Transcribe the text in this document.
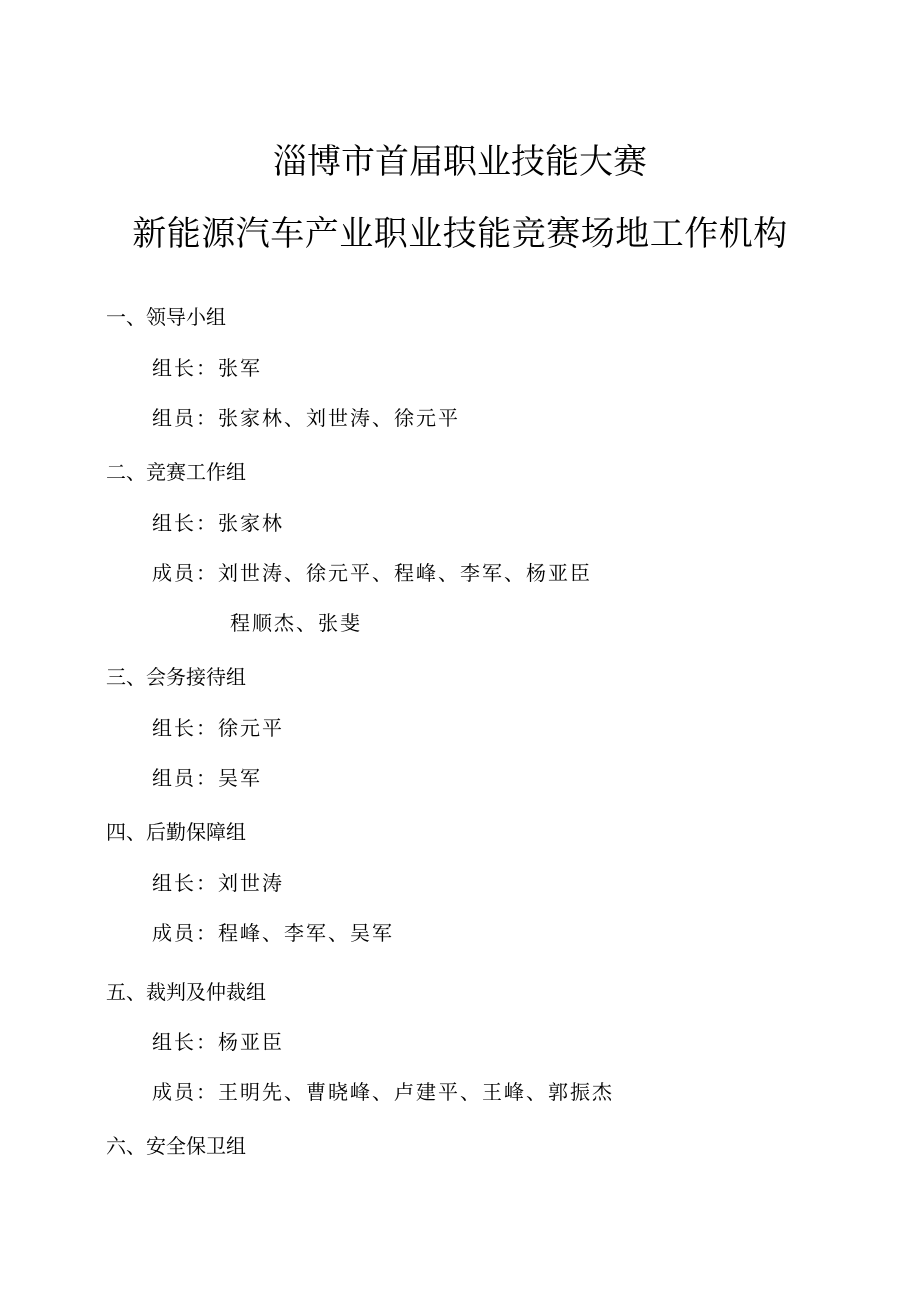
淄博市首届职业技能大赛
新能源汽车产业职业技能竞赛场地工作机构
一、领导小组
组长：张军
组员：张家林、刘世涛、徐元平
二、竞赛工作组
组长：张家林
成员：刘世涛、徐元平、程峰、李军、杨亚臣
程顺杰、张斐
三、会务接待组
组长：徐元平
组员：吴军
四、后勤保障组
组长：刘世涛
成员：程峰、李军、吴军
五、裁判及仲裁组
组长：杨亚臣
成员：王明先、曹晓峰、卢建平、王峰、郭振杰
六、安全保卫组
